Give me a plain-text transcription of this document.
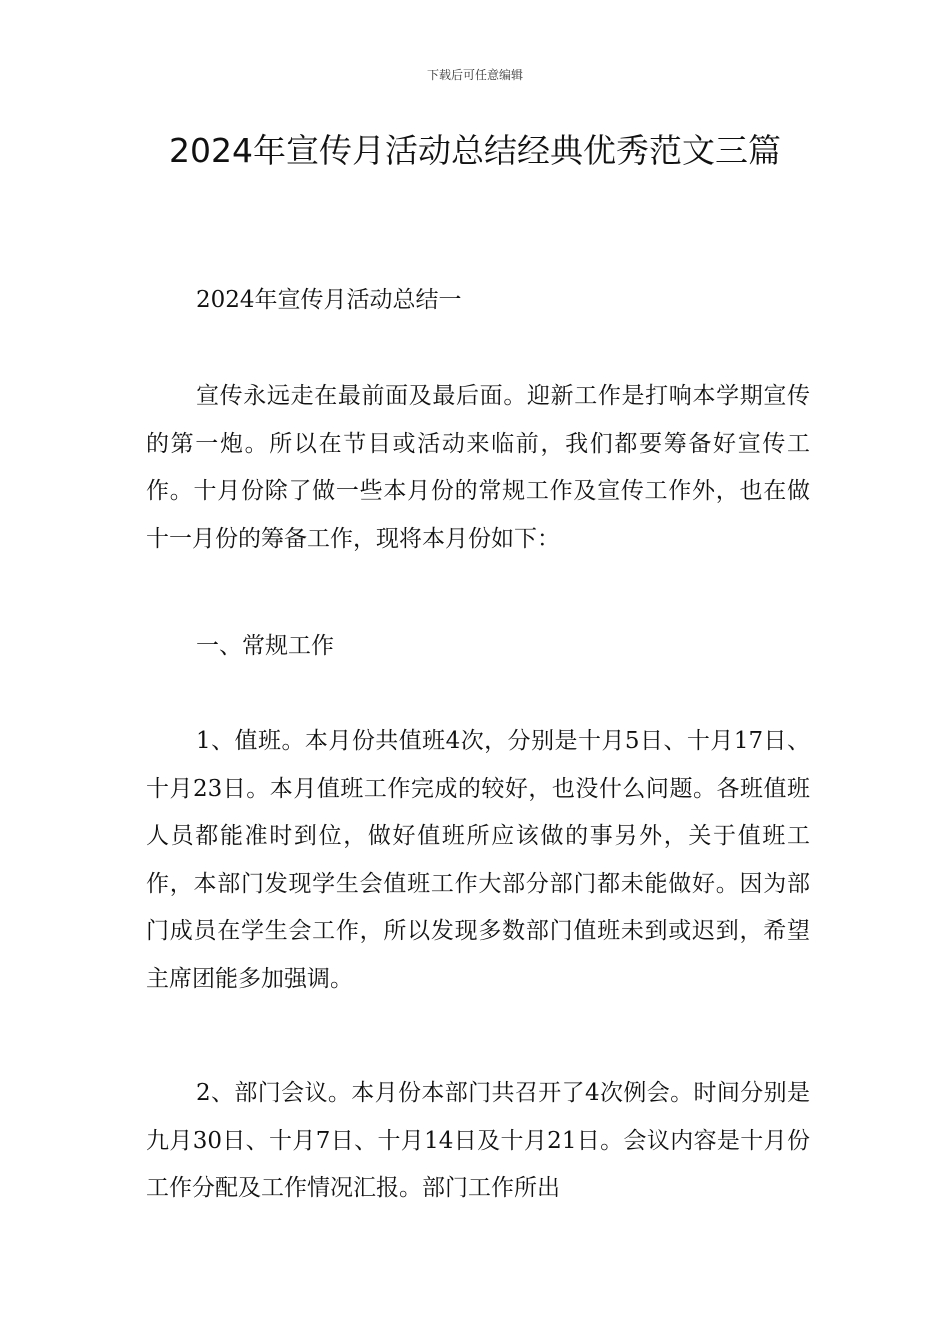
下载后可任意编辑
2024年宣传月活动总结经典优秀范文三篇

2024年宣传月活动总结一

宣传永远走在最前面及最后面。迎新工作是打响本学期宣传的第一炮。所以在节目或活动来临前，我们都要筹备好宣传工作。十月份除了做一些本月份的常规工作及宣传工作外，也在做十一月份的筹备工作，现将本月份如下：

一、常规工作

1、值班。本月份共值班4次，分别是十月5日、十月17日、十月23日。本月值班工作完成的较好，也没什么问题。各班值班人员都能准时到位，做好值班所应该做的事另外，关于值班工作，本部门发现学生会值班工作大部分部门都未能做好。因为部门成员在学生会工作，所以发现多数部门值班未到或迟到，希望主席团能多加强调。

2、部门会议。本月份本部门共召开了4次例会。时间分别是九月30日、十月7日、十月14日及十月21日。会议内容是十月份工作分配及工作情况汇报。部门工作所出
